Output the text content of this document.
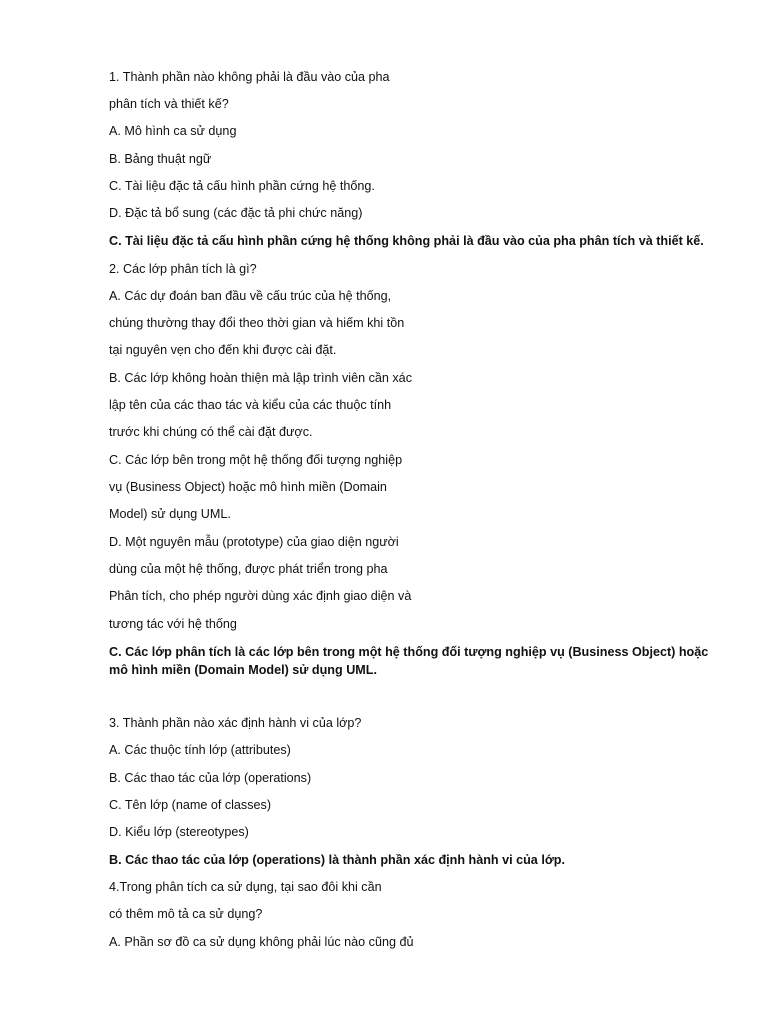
1. Thành phần nào không phải là đầu vào của pha
phân tích và thiết kế?
A. Mô hình ca sử dụng
B. Bảng thuật ngữ
C. Tài liệu đặc tả cấu hình phần cứng hệ thống.
D. Đặc tả bổ sung (các đặc tả phi chức năng)
C. Tài liệu đặc tả cấu hình phần cứng hệ thống không phải là đầu vào của pha phân tích và thiết kế.
2. Các lớp phân tích là gì?
A. Các dự đoán ban đầu về cấu trúc của hệ thống,
chúng thường thay đổi theo thời gian và hiếm khi tồn
tại nguyên vẹn cho đến khi được cài đặt.
B. Các lớp không hoàn thiện mà lập trình viên cần xác
lập tên của các thao tác và kiểu của các thuộc tính
trước khi chúng có thể cài đặt được.
C. Các lớp bên trong một hệ thống đối tượng nghiệp
vụ (Business Object) hoặc mô hình miền (Domain
Model) sử dụng UML.
D. Một nguyên mẫu (prototype) của giao diện người
dùng của một hệ thống, được phát triển trong pha
Phân tích, cho phép người dùng xác định giao diện và
tương tác với hệ thống
C. Các lớp phân tích là các lớp bên trong một hệ thống đối tượng nghiệp vụ (Business Object) hoặc mô hình miền (Domain Model) sử dụng UML.
3. Thành phần nào xác định hành vi của lớp?
A. Các thuộc tính lớp (attributes)
B. Các thao tác của lớp (operations)
C. Tên lớp (name of classes)
D. Kiểu lớp (stereotypes)
B. Các thao tác của lớp (operations) là thành phần xác định hành vi của lớp.
4.Trong phân tích ca sử dụng, tại sao đôi khi cần
có thêm mô tả ca sử dụng?
A. Phần sơ đồ ca sử dụng không phải lúc nào cũng đủ
